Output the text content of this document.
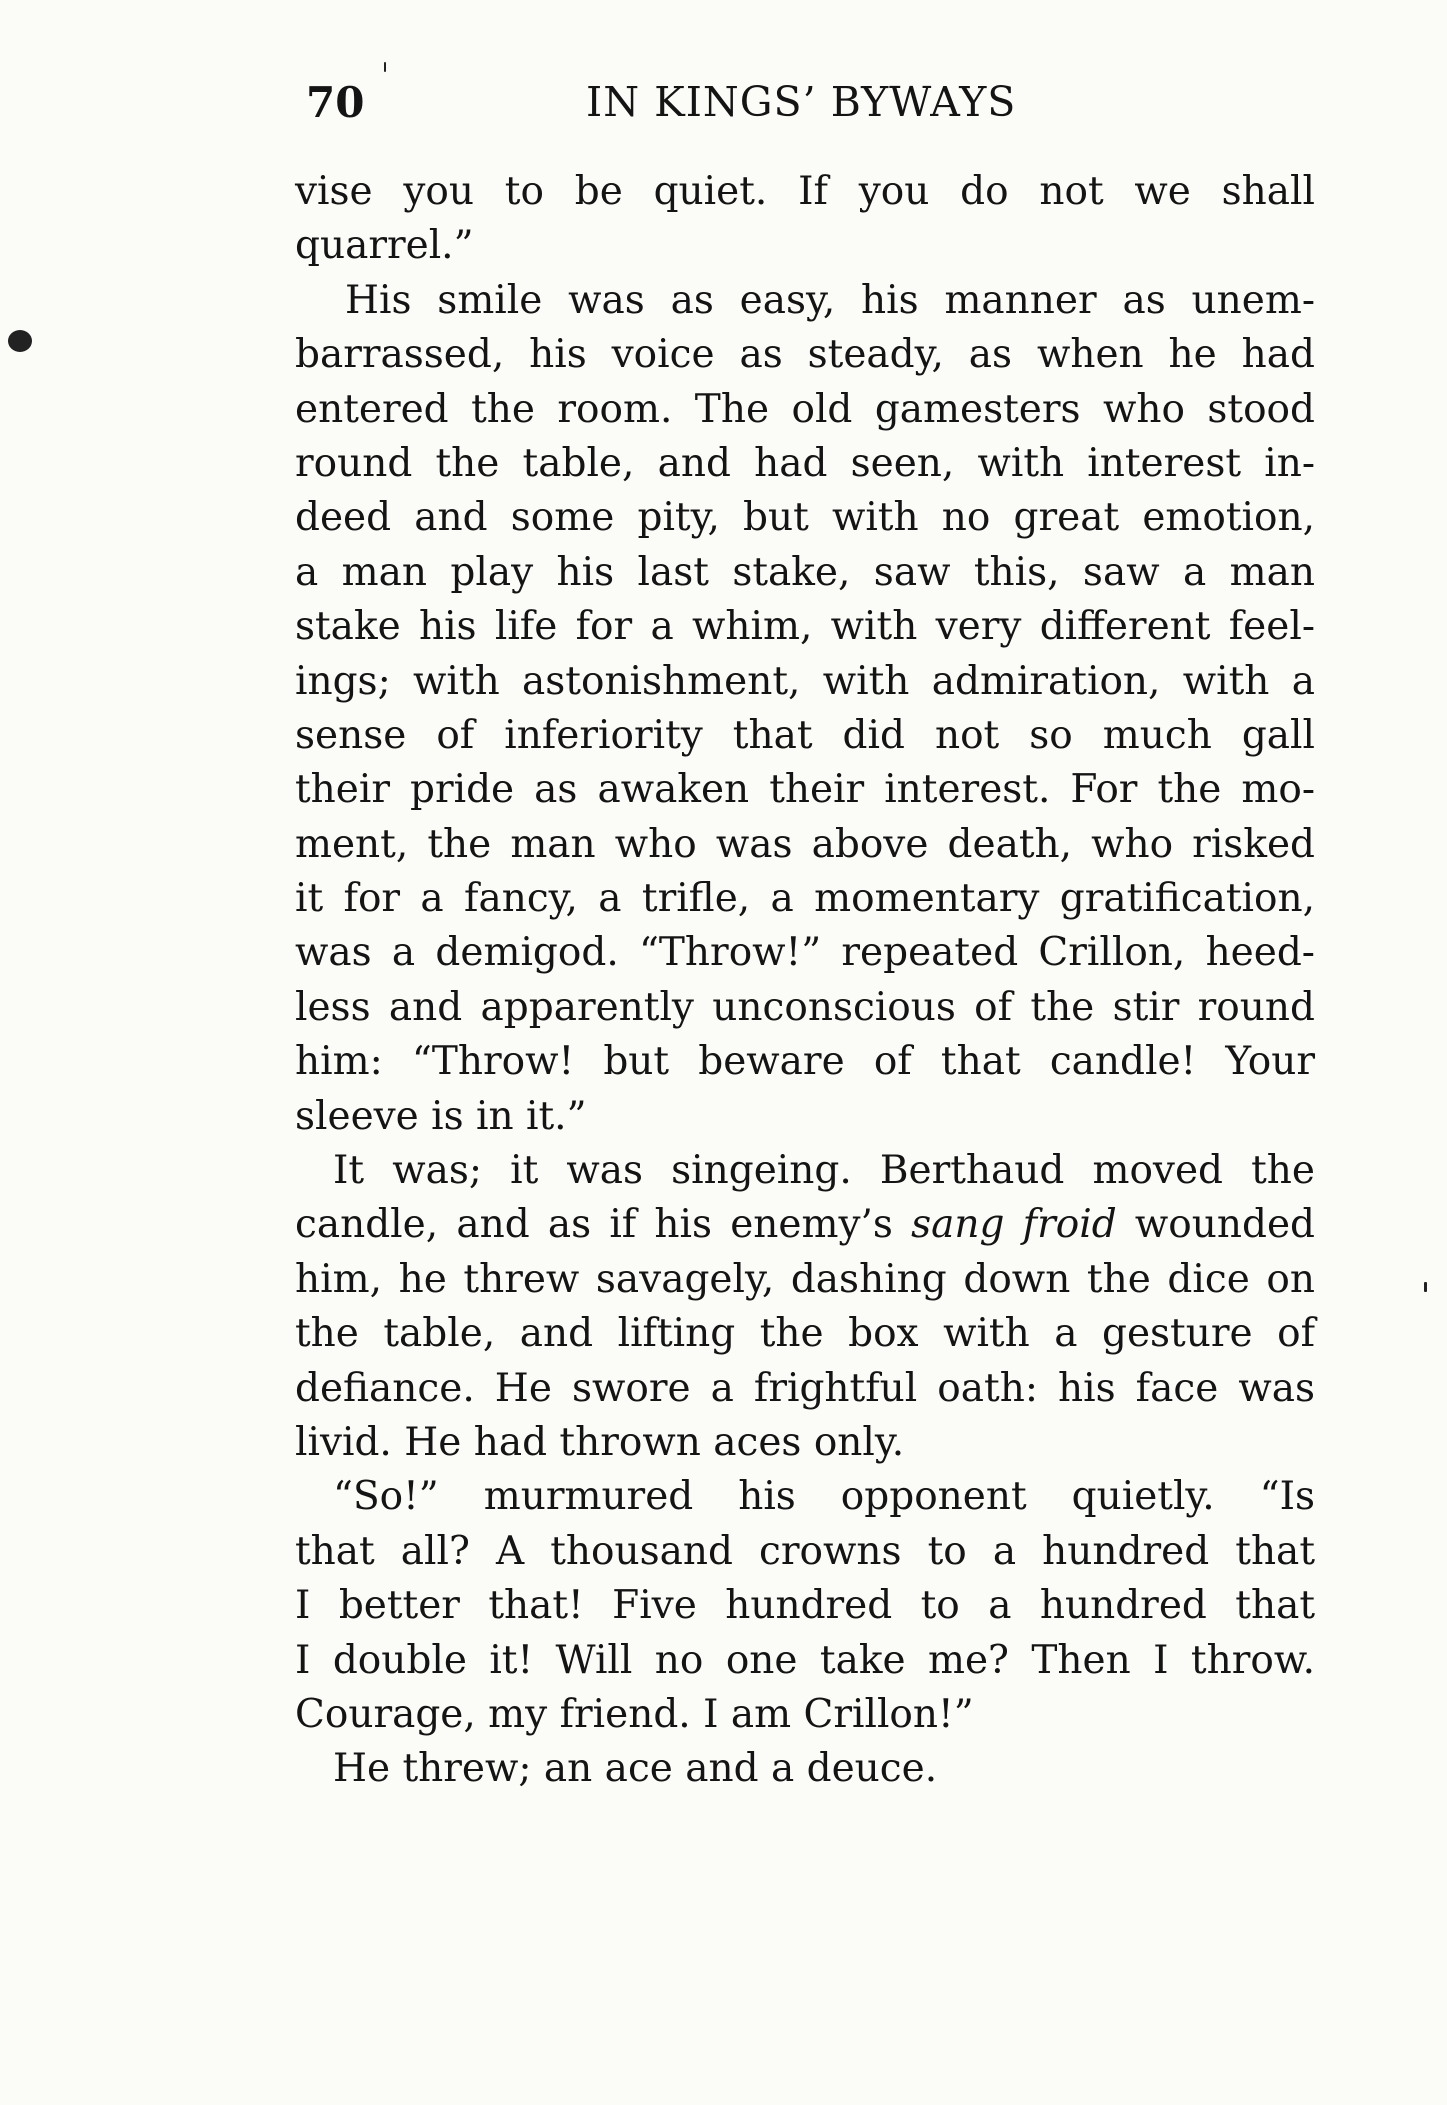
70	IN KINGS’ BYWAYS
vise you to be quiet. If you do not we shall
quarrel.”
His smile was as easy, his manner as unem-
barrassed, his voice as steady, as when he had
entered the room. The old gamesters who stood
round the table, and had seen, with interest in-
deed and some pity, but with no great emotion,
a man play his last stake, saw this, saw a man
stake his life for a whim, with very different feel-
ings; with astonishment, with admiration, with a
sense of inferiority that did not so much gall
their pride as awaken their interest. For the mo-
ment, the man who was above death, who risked
it for a fancy, a trifle, a momentary gratification,
was a demigod. “Throw!” repeated Crillon, heed-
less and apparently unconscious of the stir round
him: “Throw! but beware of that candle! Your
sleeve is in it.”
It was; it was singeing. Berthaud moved the
candle, and as if his enemy’s sang froid wounded
him, he threw savagely, dashing down the dice on
the table, and lifting the box with a gesture of
defiance. He swore a frightful oath: his face was
livid. He had thrown aces only.
“So!” murmured his opponent quietly. “Is
that all? A thousand crowns to a hundred that
I better that! Five hundred to a hundred that
I double it! Will no one take me? Then I throw.
Courage, my friend. I am Crillon!”
He threw; an ace and a deuce.
